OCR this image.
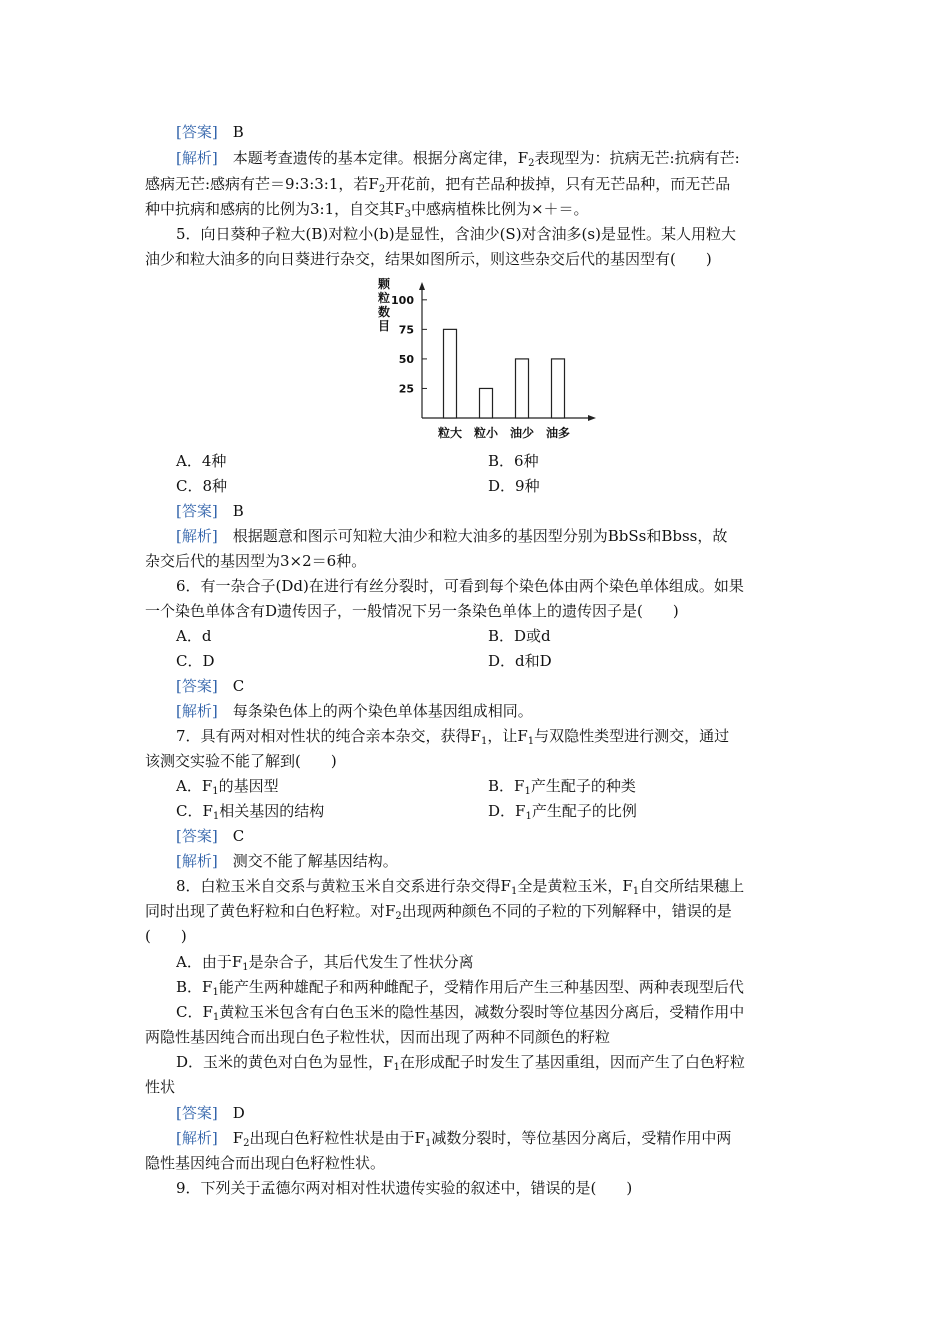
[答案]　 B
[解析]　 本题考查遗传的基本定律。根据分离定律，$F_2$表现型为：抗病无芒:抗病有芒:
感病无芒:感病有芒＝9:3:3:1，若$F_2$开花前，把有芒品种拔掉，只有无芒品种，而无芒品
种中抗病和感病的比例为3:1，自交其$F_3$中感病植株比例为×＋＝。
5．向日葵种子粒大(B)对粒小(b)是显性，含油少(S)对含油多(s)是显性。某人用粒大
油少和粒大油多的向日葵进行杂交，结果如图所示，则这些杂交后代的基因型有(　　)
颗
粒
数
目
25
50
75
100
粒大 粒小 油少 油多
A．4种	B．6种
C．8种	D．9种
[答案]　 B
[解析]　 根据题意和图示可知粒大油少和粒大油多的基因型分别为BbSs和Bbss，故
杂交后代的基因型为3×2＝6种。
6．有一杂合子(Dd)在进行有丝分裂时，可看到每个染色体由两个染色单体组成。如果
一个染色单体含有D遗传因子，一般情况下另一条染色单体上的遗传因子是(　　)
A．d	B．D或d
C．D	D．d和D
[答案]　 C
[解析]　 每条染色体上的两个染色单体基因组成相同。
7．具有两对相对性状的纯合亲本杂交，获得$F_1$，让$F_1$与双隐性类型进行测交，通过
该测交实验不能了解到(　　)
A．$F_1$的基因型	B．$F_1$产生配子的种类
C．$F_1$相关基因的结构	D．$F_1$产生配子的比例
[答案]　 C
[解析]　 测交不能了解基因结构。
8．白粒玉米自交系与黄粒玉米自交系进行杂交得$F_1$全是黄粒玉米，$F_1$自交所结果穗上
同时出现了黄色籽粒和白色籽粒。对$F_2$出现两种颜色不同的子粒的下列解释中，错误的是
(　　)
A．由于$F_1$是杂合子，其后代发生了性状分离
B．$F_1$能产生两种雄配子和两种雌配子，受精作用后产生三种基因型、两种表现型后代
C．$F_1$黄粒玉米包含有白色玉米的隐性基因，减数分裂时等位基因分离后，受精作用中
两隐性基因纯合而出现白色子粒性状，因而出现了两种不同颜色的籽粒
D．玉米的黄色对白色为显性，$F_1$在形成配子时发生了基因重组，因而产生了白色籽粒
性状
[答案]　 D
[解析]　 $F_2$出现白色籽粒性状是由于$F_1$减数分裂时，等位基因分离后，受精作用中两
隐性基因纯合而出现白色籽粒性状。
9．下列关于孟德尔两对相对性状遗传实验的叙述中，错误的是(　　)
